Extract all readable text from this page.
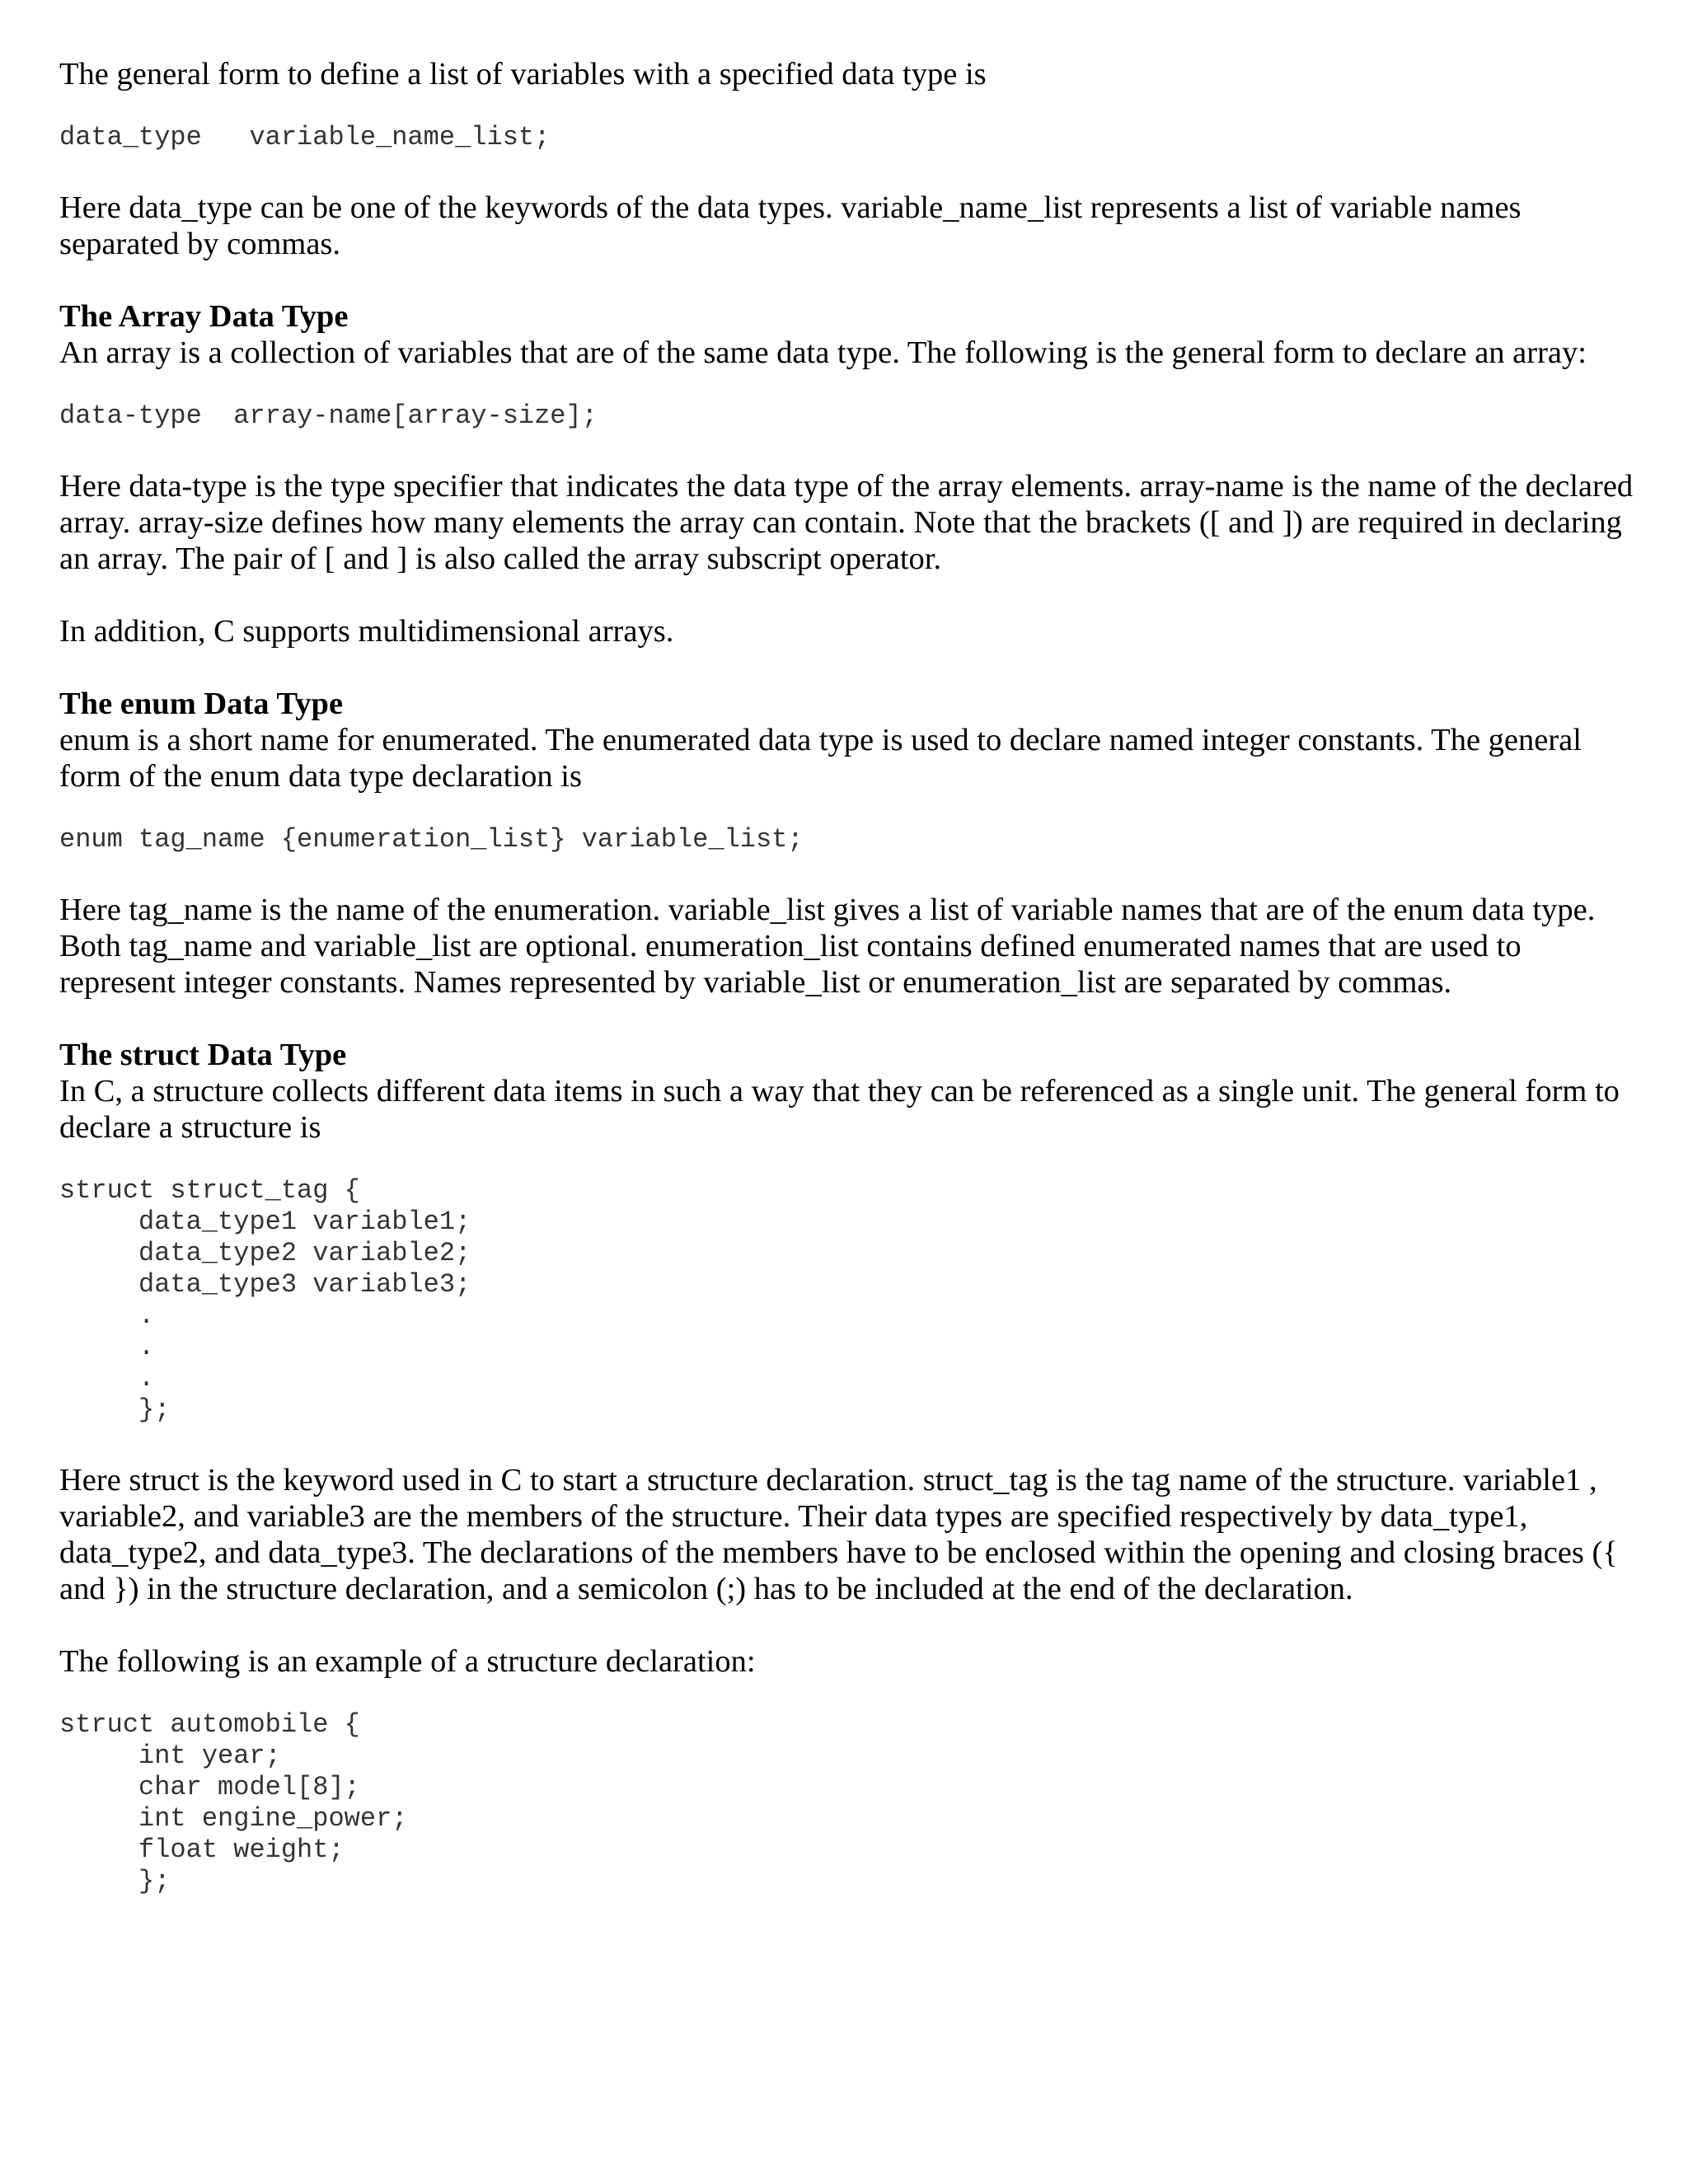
The general form to define a list of variables with a specified data type is

data_type   variable_name_list;

Here data_type can be one of the keywords of the data types. variable_name_list represents a list of variable names separated by commas.

The Array Data Type

An array is a collection of variables that are of the same data type. The following is the general form to declare an array:

data-type  array-name[array-size];

Here data-type is the type specifier that indicates the data type of the array elements. array-name is the name of the declared array. array-size defines how many elements the array can contain. Note that the brackets ([ and ]) are required in declaring an array. The pair of [ and ] is also called the array subscript operator.

In addition, C supports multidimensional arrays.

The enum Data Type

enum is a short name for enumerated. The enumerated data type is used to declare named integer constants. The general form of the enum data type declaration is

enum tag_name {enumeration_list} variable_list;

Here tag_name is the name of the enumeration. variable_list gives a list of variable names that are of the enum data type. Both tag_name and variable_list are optional. enumeration_list contains defined enumerated names that are used to represent integer constants. Names represented by variable_list or enumeration_list are separated by commas.

The struct Data Type

In C, a structure collects different data items in such a way that they can be referenced as a single unit. The general form to declare a structure is

struct struct_tag {
data_type1 variable1;
data_type2 variable2;
data_type3 variable3;
.
.
.
};

Here struct is the keyword used in C to start a structure declaration. struct_tag is the tag name of the structure. variable1 , variable2, and variable3 are the members of the structure. Their data types are specified respectively by data_type1, data_type2, and data_type3. The declarations of the members have to be enclosed within the opening and closing braces ({ and }) in the structure declaration, and a semicolon (;) has to be included at the end of the declaration.

The following is an example of a structure declaration:

struct automobile {
int year;
char model[8];
int engine_power;
float weight;
};
